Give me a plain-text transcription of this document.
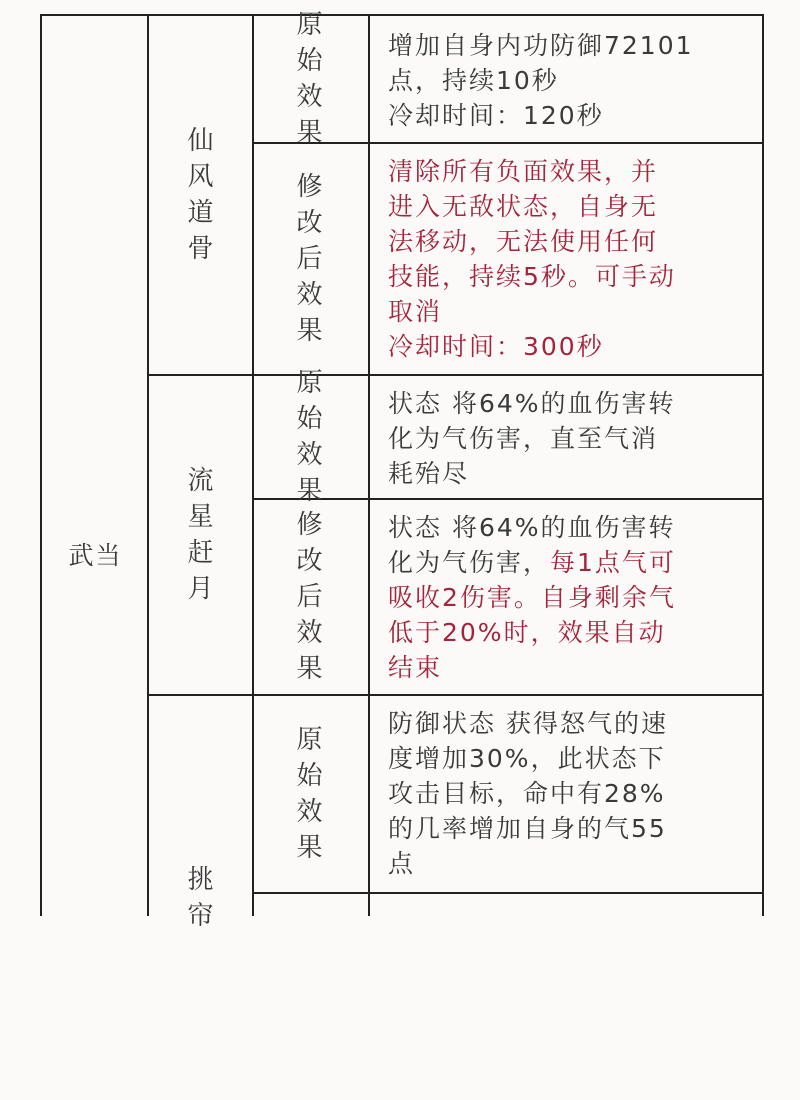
武当
仙风道骨
原始效果
增加自身内功防御72101
点，持续10秒
冷却时间：120秒
修改后效果
清除所有负面效果，并
进入无敌状态，自身无
法移动，无法使用任何
技能，持续5秒。可手动
取消
冷却时间：300秒
流星赶月
原始效果
状态 将64%的血伤害转
化为气伤害，直至气消
耗殆尽
修改后效果
状态 将64%的血伤害转
化为气伤害，每1点气可
吸收2伤害。自身剩余气
低于20%时，效果自动
结束
挑帘
原始效果
防御状态 获得怒气的速
度增加30%，此状态下
攻击目标，命中有28%
的几率增加自身的气55
点
